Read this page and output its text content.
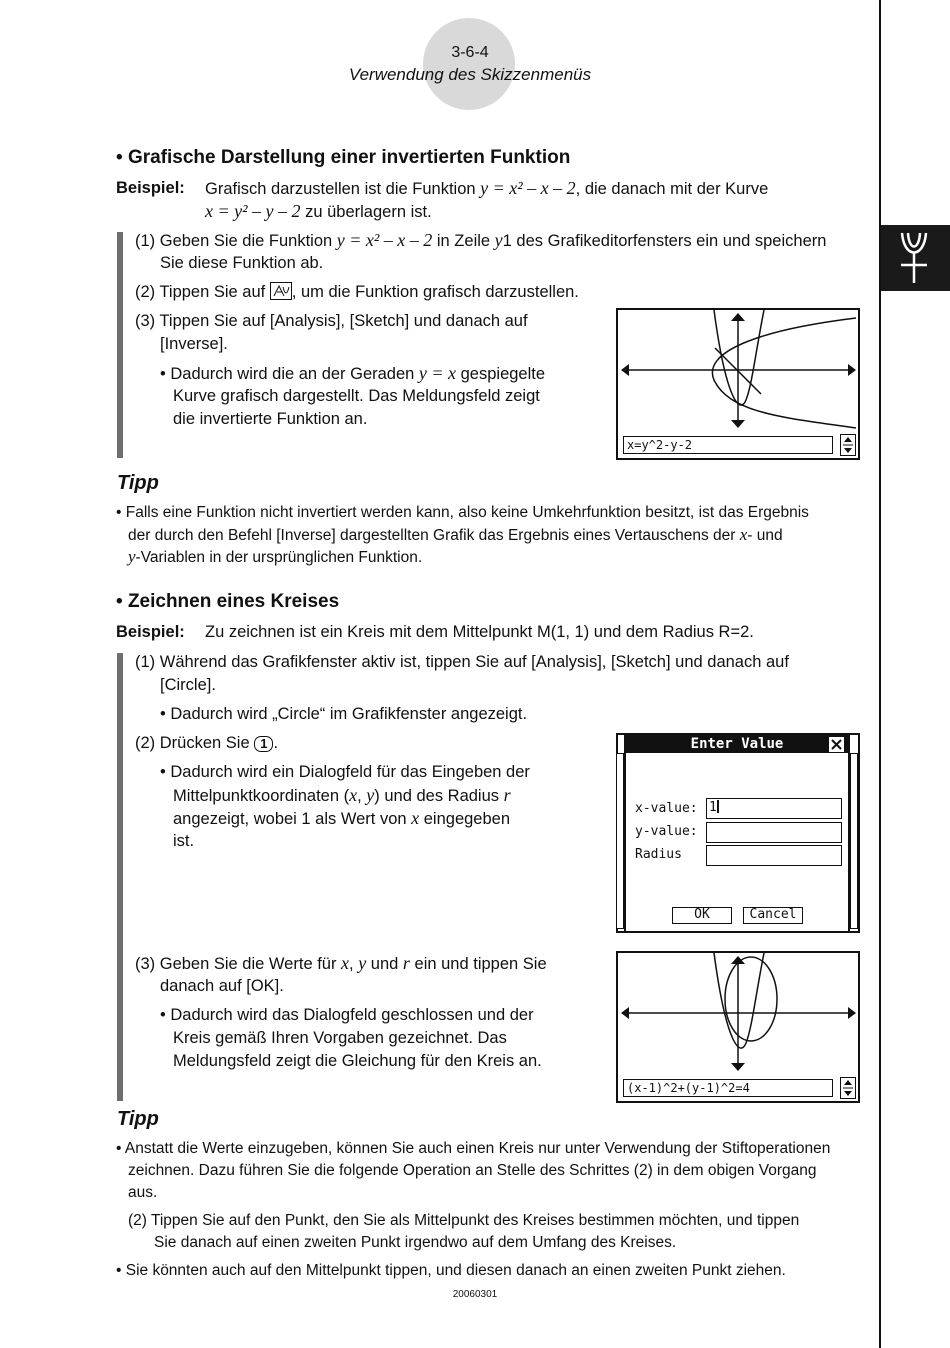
3-6-4
Verwendung des Skizzenmenüs
• Grafische Darstellung einer invertierten Funktion
Beispiel: Grafisch darzustellen ist die Funktion y = x² – x – 2, die danach mit der Kurve
x = y² – y – 2 zu überlagern ist.
(1) Geben Sie die Funktion y = x² – x – 2 in Zeile y1 des Grafikeditorfensters ein und speichern
Sie diese Funktion ab.
(2) Tippen Sie auf , um die Funktion grafisch darzustellen.
(3) Tippen Sie auf [Analysis], [Sketch] und danach auf
[Inverse].
• Dadurch wird die an der Geraden y = x gespiegelte
Kurve grafisch dargestellt. Das Meldungsfeld zeigt
die invertierte Funktion an.
x=y^2-y-2
Tipp
• Falls eine Funktion nicht invertiert werden kann, also keine Umkehrfunktion besitzt, ist das Ergebnis
der durch den Befehl [Inverse] dargestellten Grafik das Ergebnis eines Vertauschens der x- und
y-Variablen in der ursprünglichen Funktion.
• Zeichnen eines Kreises
Beispiel: Zu zeichnen ist ein Kreis mit dem Mittelpunkt M(1, 1) und dem Radius R=2.
(1) Während das Grafikfenster aktiv ist, tippen Sie auf [Analysis], [Sketch] und danach auf
[Circle].
• Dadurch wird „Circle“ im Grafikfenster angezeigt.
(2) Drücken Sie 1 .
• Dadurch wird ein Dialogfeld für das Eingeben der
Mittelpunktkoordinaten (x, y) und des Radius r
angezeigt, wobei 1 als Wert von x eingegeben
ist.
Enter Value
x-value: 1
y-value:
Radius
OK	Cancel
(3) Geben Sie die Werte für x, y und r ein und tippen Sie
danach auf [OK].
• Dadurch wird das Dialogfeld geschlossen und der
Kreis gemäß Ihren Vorgaben gezeichnet. Das
Meldungsfeld zeigt die Gleichung für den Kreis an.
(x-1)^2+(y-1)^2=4
Tipp
• Anstatt die Werte einzugeben, können Sie auch einen Kreis nur unter Verwendung der Stiftoperationen
zeichnen. Dazu führen Sie die folgende Operation an Stelle des Schrittes (2) in dem obigen Vorgang
aus.
(2) Tippen Sie auf den Punkt, den Sie als Mittelpunkt des Kreises bestimmen möchten, und tippen
Sie danach auf einen zweiten Punkt irgendwo auf dem Umfang des Kreises.
• Sie könnten auch auf den Mittelpunkt tippen, und diesen danach an einen zweiten Punkt ziehen.
20060301
